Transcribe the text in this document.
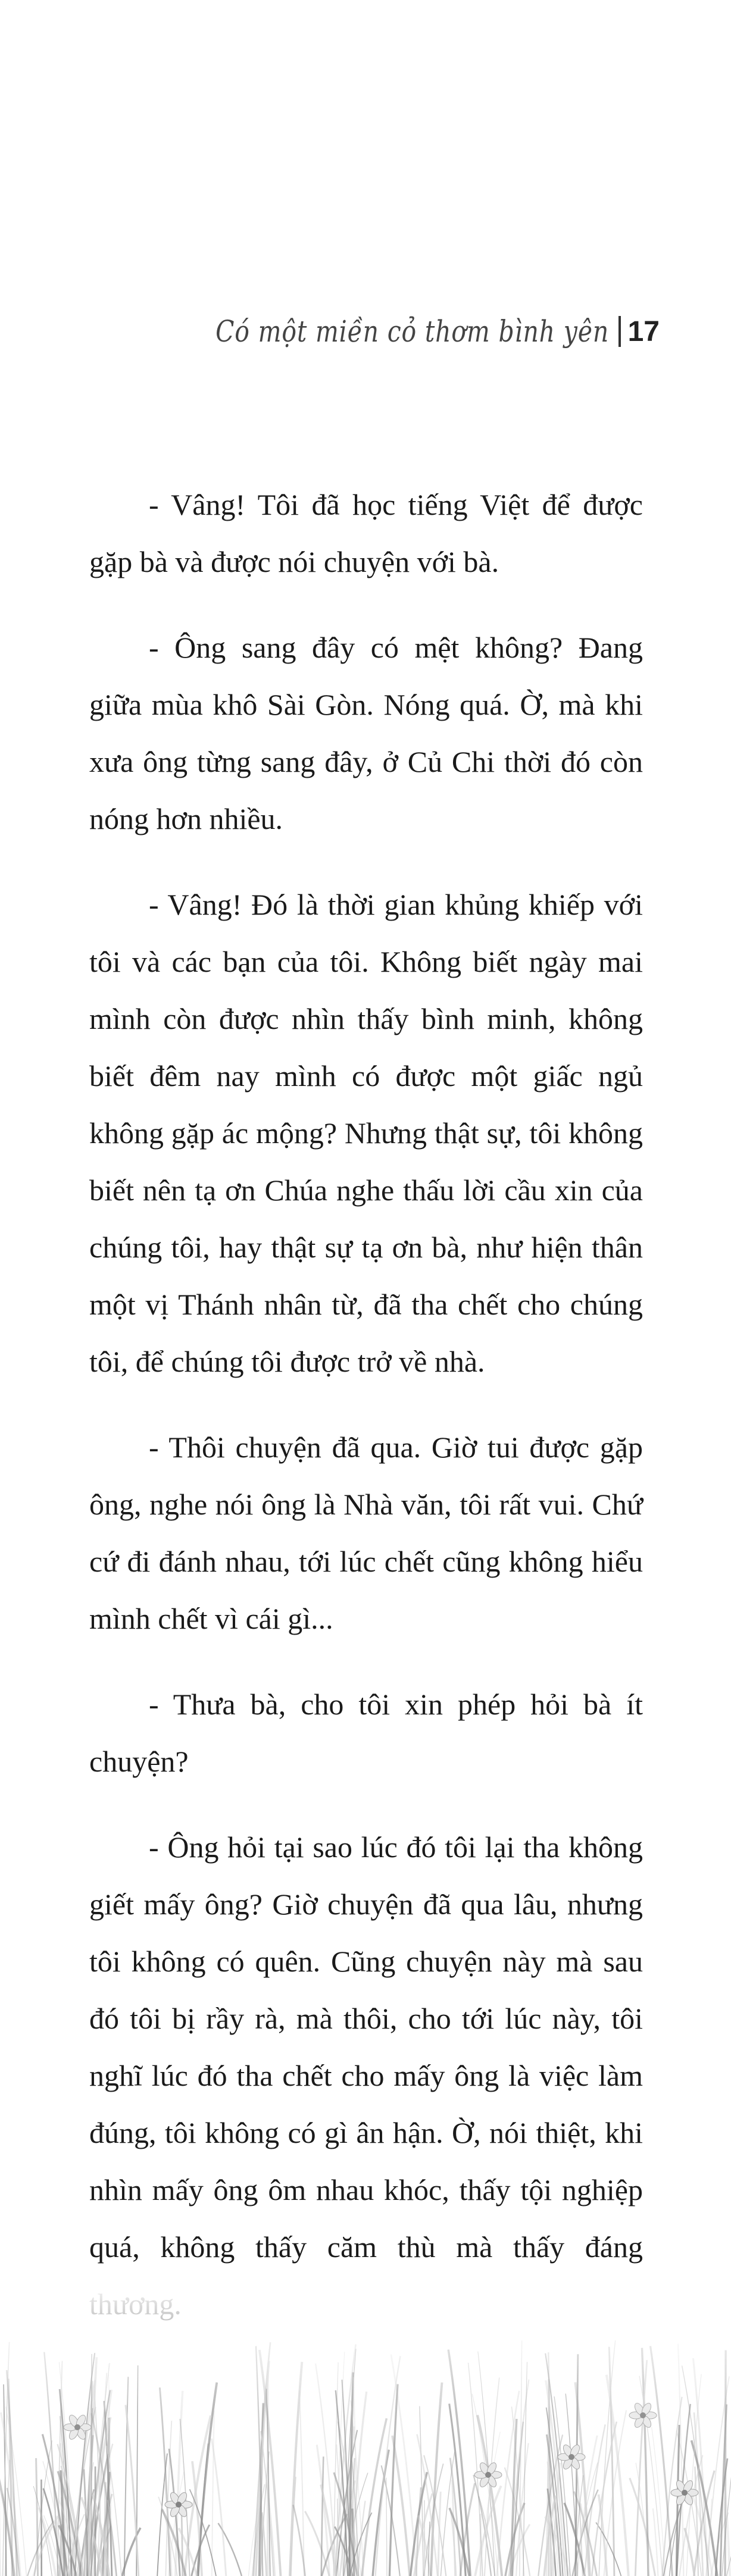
Có một miền cỏ thơm bình yên 17

- Vâng! Tôi đã học tiếng Việt để được gặp bà và được nói chuyện với bà.

- Ông sang đây có mệt không? Đang giữa mùa khô Sài Gòn. Nóng quá. Ờ, mà khi xưa ông từng sang đây, ở Củ Chi thời đó còn nóng hơn nhiều.

- Vâng! Đó là thời gian khủng khiếp với tôi và các bạn của tôi. Không biết ngày mai mình còn được nhìn thấy bình minh, không biết đêm nay mình có được một giấc ngủ không gặp ác mộng? Nhưng thật sự, tôi không biết nên tạ ơn Chúa nghe thấu lời cầu xin của chúng tôi, hay thật sự tạ ơn bà, như hiện thân một vị Thánh nhân từ, đã tha chết cho chúng tôi, để chúng tôi được trở về nhà.

- Thôi chuyện đã qua. Giờ tui được gặp ông, nghe nói ông là Nhà văn, tôi rất vui. Chứ cứ đi đánh nhau, tới lúc chết cũng không hiểu mình chết vì cái gì...

- Thưa bà, cho tôi xin phép hỏi bà ít chuyện?

- Ông hỏi tại sao lúc đó tôi lại tha không giết mấy ông? Giờ chuyện đã qua lâu, nhưng tôi không có quên. Cũng chuyện này mà sau đó tôi bị rầy rà, mà thôi, cho tới lúc này, tôi nghĩ lúc đó tha chết cho mấy ông là việc làm đúng, tôi không có gì ân hận. Ờ, nói thiệt, khi nhìn mấy ông ôm nhau khóc, thấy tội nghiệp quá, không thấy căm thù mà thấy đáng
